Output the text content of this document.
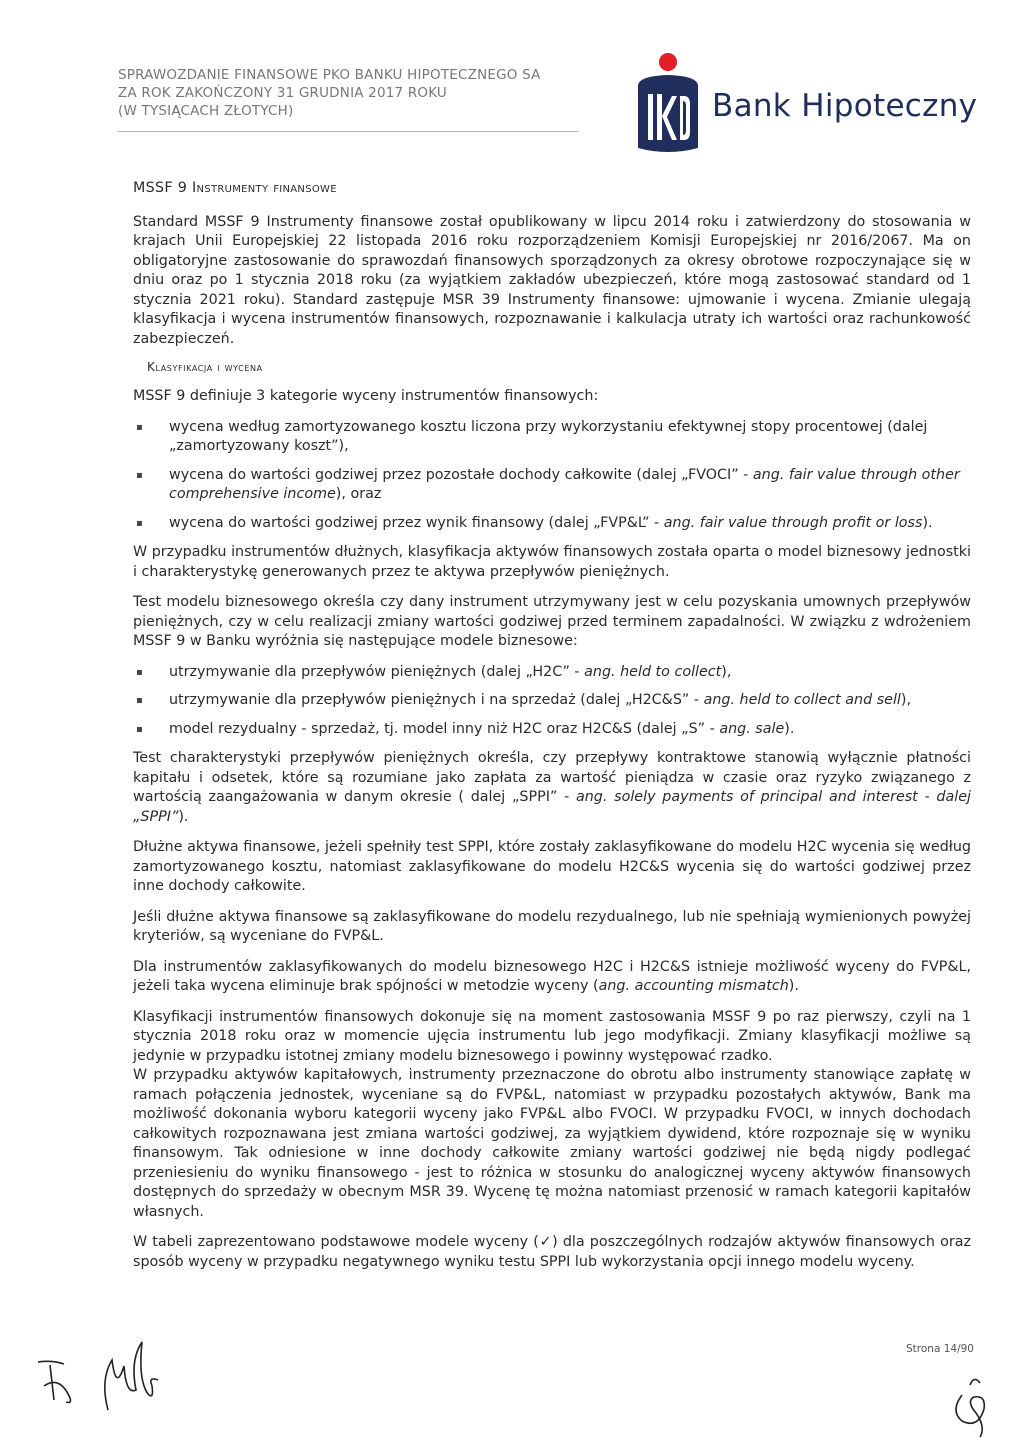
SPRAWOZDANIE FINANSOWE PKO BANKU HIPOTECZNEGO SA
ZA ROK ZAKOŃCZONY 31 GRUDNIA 2017 ROKU
(W TYSIĄCACH ZŁOTYCH)	Bank Hipoteczny

MSSF 9 Instrumenty finansowe

Standard MSSF 9 Instrumenty finansowe został opublikowany w lipcu 2014 roku i zatwierdzony do stosowania w krajach Unii Europejskiej 22 listopada 2016 roku rozporządzeniem Komisji Europejskiej nr 2016/2067. Ma on obligatoryjne zastosowanie do sprawozdań finansowych sporządzonych za okresy obrotowe rozpoczynające się w dniu oraz po 1 stycznia 2018 roku (za wyjątkiem zakładów ubezpieczeń, które mogą zastosować standard od 1 stycznia 2021 roku). Standard zastępuje MSR 39 Instrumenty finansowe: ujmowanie i wycena. Zmianie ulegają klasyfikacja i wycena instrumentów finansowych, rozpoznawanie i kalkulacja utraty ich wartości oraz rachunkowość zabezpieczeń.

Klasyfikacja i wycena

MSSF 9 definiuje 3 kategorie wyceny instrumentów finansowych:

▪ wycena według zamortyzowanego kosztu liczona przy wykorzystaniu efektywnej stopy procentowej (dalej „zamortyzowany koszt”),
▪ wycena do wartości godziwej przez pozostałe dochody całkowite (dalej „FVOCI” - ang. fair value through other comprehensive income), oraz
▪ wycena do wartości godziwej przez wynik finansowy (dalej „FVP&L” - ang. fair value through profit or loss).

W przypadku instrumentów dłużnych, klasyfikacja aktywów finansowych została oparta o model biznesowy jednostki i charakterystykę generowanych przez te aktywa przepływów pieniężnych.

Test modelu biznesowego określa czy dany instrument utrzymywany jest w celu pozyskania umownych przepływów pieniężnych, czy w celu realizacji zmiany wartości godziwej przed terminem zapadalności. W związku z wdrożeniem MSSF 9 w Banku wyróżnia się następujące modele biznesowe:

▪ utrzymywanie dla przepływów pieniężnych (dalej „H2C” - ang. held to collect),
▪ utrzymywanie dla przepływów pieniężnych i na sprzedaż (dalej „H2C&S” - ang. held to collect and sell),
▪ model rezydualny - sprzedaż, tj. model inny niż H2C oraz H2C&S (dalej „S” - ang. sale).

Test charakterystyki przepływów pieniężnych określa, czy przepływy kontraktowe stanowią wyłącznie płatności kapitału i odsetek, które są rozumiane jako zapłata za wartość pieniądza w czasie oraz ryzyko związanego z wartością zaangażowania w danym okresie ( dalej „SPPI” - ang. solely payments of principal and interest - dalej „SPPI”).

Dłużne aktywa finansowe, jeżeli spełniły test SPPI, które zostały zaklasyfikowane do modelu H2C wycenia się według zamortyzowanego kosztu, natomiast zaklasyfikowane do modelu H2C&S wycenia się do wartości godziwej przez inne dochody całkowite.

Jeśli dłużne aktywa finansowe są zaklasyfikowane do modelu rezydualnego, lub nie spełniają wymienionych powyżej kryteriów, są wyceniane do FVP&L.

Dla instrumentów zaklasyfikowanych do modelu biznesowego H2C i H2C&S istnieje możliwość wyceny do FVP&L, jeżeli taka wycena eliminuje brak spójności w metodzie wyceny (ang. accounting mismatch).

Klasyfikacji instrumentów finansowych dokonuje się na moment zastosowania MSSF 9 po raz pierwszy, czyli na 1 stycznia 2018 roku oraz w momencie ujęcia instrumentu lub jego modyfikacji. Zmiany klasyfikacji możliwe są jedynie w przypadku istotnej zmiany modelu biznesowego i powinny występować rzadko.

W przypadku aktywów kapitałowych, instrumenty przeznaczone do obrotu albo instrumenty stanowiące zapłatę w ramach połączenia jednostek, wyceniane są do FVP&L, natomiast w przypadku pozostałych aktywów, Bank ma możliwość dokonania wyboru kategorii wyceny jako FVP&L albo FVOCI. W przypadku FVOCI, w innych dochodach całkowitych rozpoznawana jest zmiana wartości godziwej, za wyjątkiem dywidend, które rozpoznaje się w wyniku finansowym. Tak odniesione w inne dochody całkowite zmiany wartości godziwej nie będą nigdy podlegać przeniesieniu do wyniku finansowego - jest to różnica w stosunku do analogicznej wyceny aktywów finansowych dostępnych do sprzedaży w obecnym MSR 39. Wycenę tę można natomiast przenosić w ramach kategorii kapitałów własnych.

W tabeli zaprezentowano podstawowe modele wyceny (✓) dla poszczególnych rodzajów aktywów finansowych oraz sposób wyceny w przypadku negatywnego wyniku testu SPPI lub wykorzystania opcji innego modelu wyceny.

Strona 14/90
